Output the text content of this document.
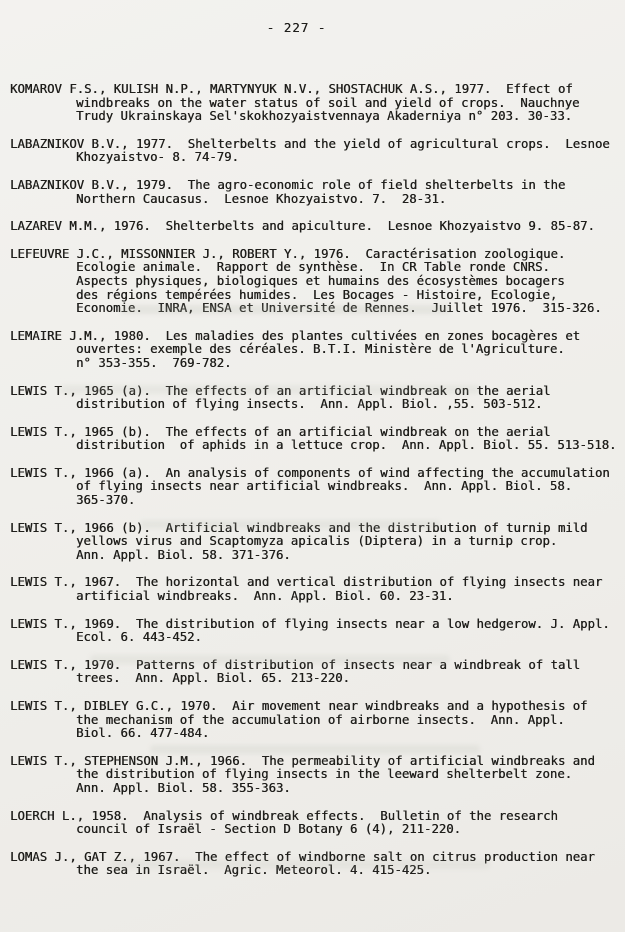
- 227 -

KOMAROV F.S., KULISH N.P., MARTYNYUK N.V., SHOSTACHUK A.S., 1977.  Effect of
windbreaks on the water status of soil and yield of crops.  Nauchnye
Trudy Ukrainskaya Sel'skokhozyaistvennaya Akaderniya n° 203. 30-33.

LABAZNIKOV B.V., 1977.  Shelterbelts and the yield of agricultural crops.  Lesnoe
Khozyaistvo- 8. 74-79.

LABAZNIKOV B.V., 1979.  The agro-economic role of field shelterbelts in the
Northern Caucasus.  Lesnoe Khozyaistvo. 7.  28-31.

LAZAREV M.M., 1976.  Shelterbelts and apiculture.  Lesnoe Khozyaistvo 9. 85-87.

LEFEUVRE J.C., MISSONNIER J., ROBERT Y., 1976.  Caractérisation zoologique.
Ecologie animale.  Rapport de synthèse.  In CR Table ronde CNRS.
Aspects physiques, biologiques et humains des écosystèmes bocagers
des régions tempérées humides.  Les Bocages - Histoire, Ecologie,
Economie.  INRA, ENSA et Université de Rennes.  Juillet 1976.  315-326.

LEMAIRE J.M., 1980.  Les maladies des plantes cultivées en zones bocagères et
ouvertes: exemple des céréales. B.T.I. Ministère de l'Agriculture.
n° 353-355.  769-782.

LEWIS T., 1965 (a).  The effects of an artificial windbreak on the aerial
distribution of flying insects.  Ann. Appl. Biol. ,55. 503-512.

LEWIS T., 1965 (b).  The effects of an artificial windbreak on the aerial
distribution  of aphids in a lettuce crop.  Ann. Appl. Biol. 55. 513-518.

LEWIS T., 1966 (a).  An analysis of components of wind affecting the accumulation
of flying insects near artificial windbreaks.  Ann. Appl. Biol. 58.
365-370.

LEWIS T., 1966 (b).  Artificial windbreaks and the distribution of turnip mild
yellows virus and Scaptomyza apicalis (Diptera) in a turnip crop.
Ann. Appl. Biol. 58. 371-376.

LEWIS T., 1967.  The horizontal and vertical distribution of flying insects near
artificial windbreaks.  Ann. Appl. Biol. 60. 23-31.

LEWIS T., 1969.  The distribution of flying insects near a low hedgerow. J. Appl.
Ecol. 6. 443-452.

LEWIS T., 1970.  Patterns of distribution of insects near a windbreak of tall
trees.  Ann. Appl. Biol. 65. 213-220.

LEWIS T., DIBLEY G.C., 1970.  Air movement near windbreaks and a hypothesis of
the mechanism of the accumulation of airborne insects.  Ann. Appl.
Biol. 66. 477-484.

LEWIS T., STEPHENSON J.M., 1966.  The permeability of artificial windbreaks and
the distribution of flying insects in the leeward shelterbelt zone.
Ann. Appl. Biol. 58. 355-363.

LOERCH L., 1958.  Analysis of windbreak effects.  Bulletin of the research
council of Israël - Section D Botany 6 (4), 211-220.

LOMAS J., GAT Z., 1967.  The effect of windborne salt on citrus production near
the sea in Israël.  Agric. Meteorol. 4. 415-425.
